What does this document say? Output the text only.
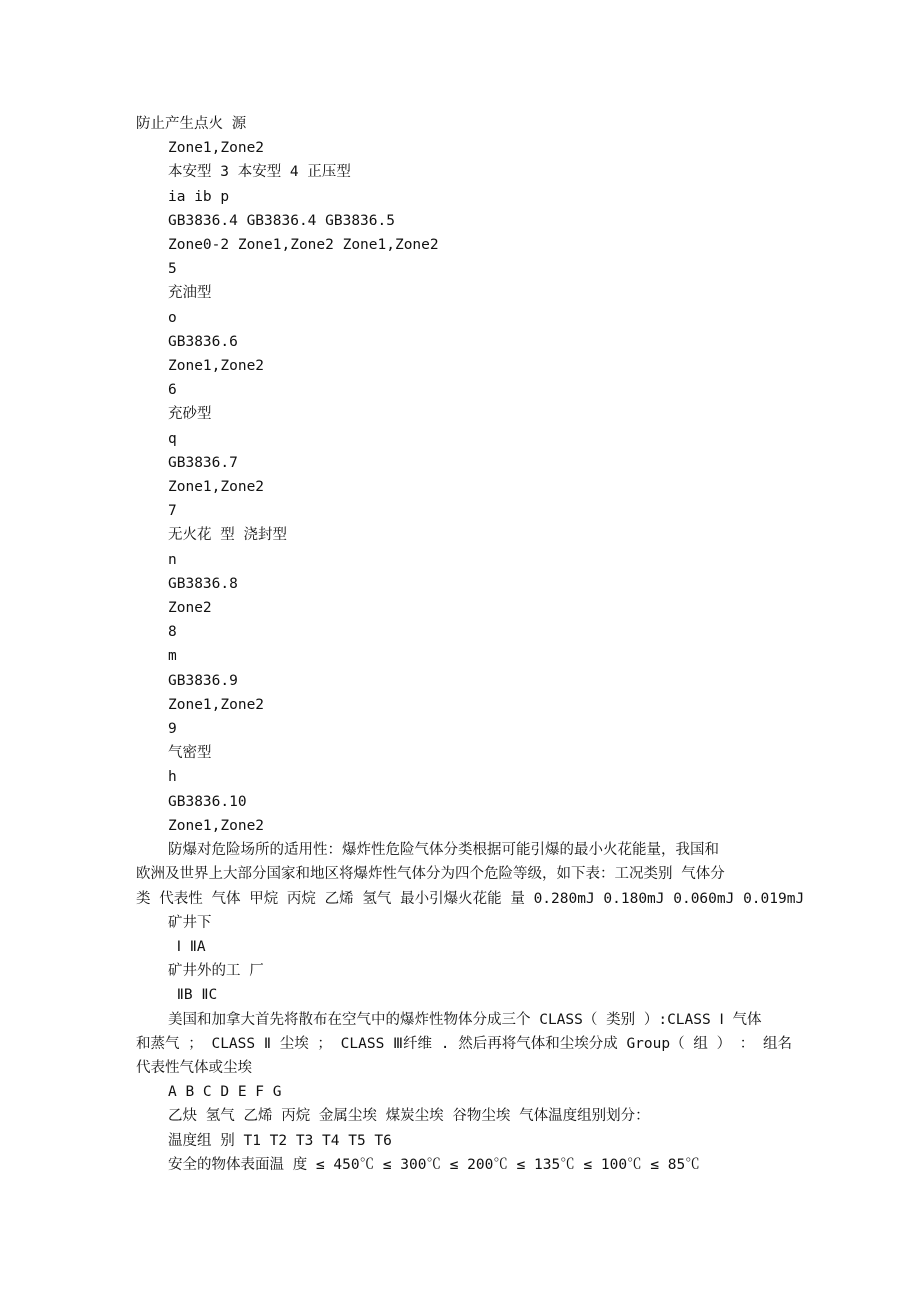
防止产生点火 源
Zone1,Zone2
本安型 3 本安型 4 正压型
ia ib p
GB3836.4 GB3836.4 GB3836.5
Zone0-2 Zone1,Zone2 Zone1,Zone2
5
充油型
o
GB3836.6
Zone1,Zone2
6
充砂型
q
GB3836.7
Zone1,Zone2
7
无火花 型 浇封型
n
GB3836.8
Zone2
8
m
GB3836.9
Zone1,Zone2
9
气密型
h
GB3836.10
Zone1,Zone2
防爆对危险场所的适用性：爆炸性危险气体分类根据可能引爆的最小火花能量，我国和
欧洲及世界上大部分国家和地区将爆炸性气体分为四个危险等级，如下表：工况类别 气体分
类 代表性 气体 甲烷 丙烷 乙烯 氢气 最小引爆火花能 量 0.280mJ 0.180mJ 0.060mJ 0.019mJ
矿井下
Ⅰ ⅡA
矿井外的工 厂
ⅡB ⅡC
美国和加拿大首先将散布在空气中的爆炸性物体分成三个 CLASS（ 类别 ）:CLASS Ⅰ 气体
和蒸气 ； CLASS Ⅱ 尘埃 ； CLASS Ⅲ纤维 . 然后再将气体和尘埃分成 Group（ 组 ） ： 组名
代表性气体或尘埃
A B C D E F G
乙炔 氢气 乙烯 丙烷 金属尘埃 煤炭尘埃 谷物尘埃 气体温度组别划分：
温度组 别 T1 T2 T3 T4 T5 T6
安全的物体表面温 度 ≤ 450℃ ≤ 300℃ ≤ 200℃ ≤ 135℃ ≤ 100℃ ≤ 85℃
